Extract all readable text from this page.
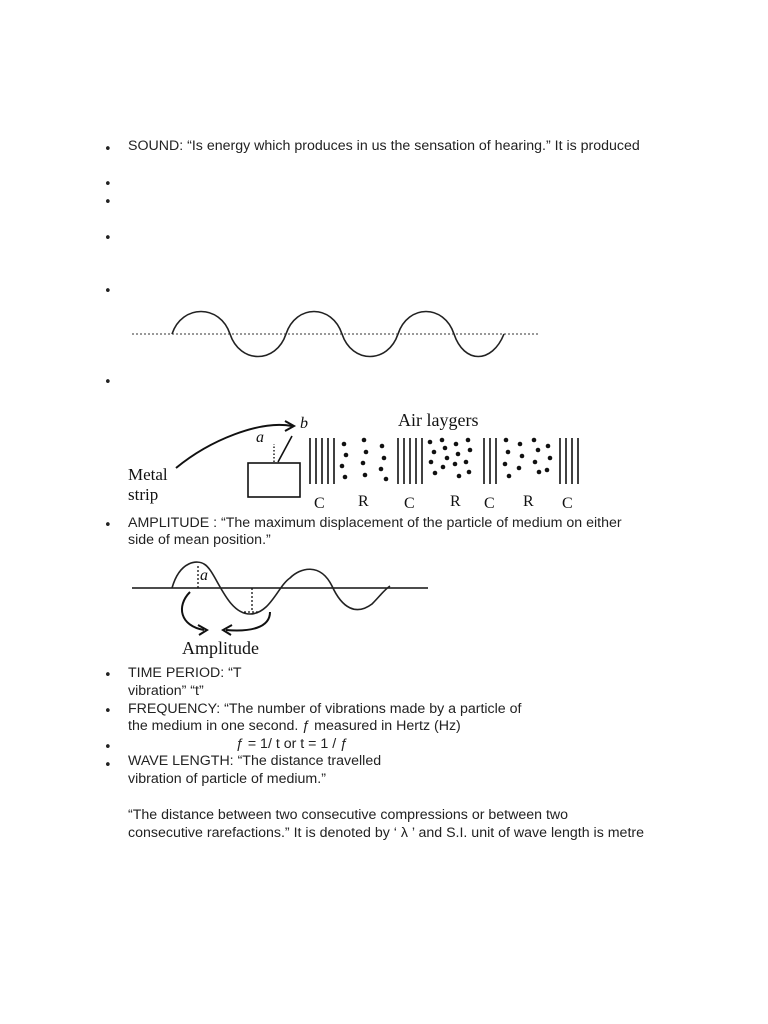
•
•
•
•
•
•
•
•
•
•
•
SOUND: “Is energy which produces in us the sensation of hearing.” It is produced
AMPLITUDE : “The maximum displacement of the particle of medium on either
side of mean position.”
TIME PERIOD: “T
vibration” “t”
FREQUENCY: “The number of vibrations made by a particle of
the medium in one second. ƒ measured in Hertz (Hz)
ƒ = 1/ t or t = 1 / ƒ
WAVE LENGTH: “The distance travelled
vibration of particle of medium.”
“The distance between two consecutive compressions or between two
consecutive rarefactions.” It is denoted by ‘ λ ’ and S.I. unit of wave length is metre
Air laygers
Metal
strip
a
b
C R C R C R C
a
Amplitude
